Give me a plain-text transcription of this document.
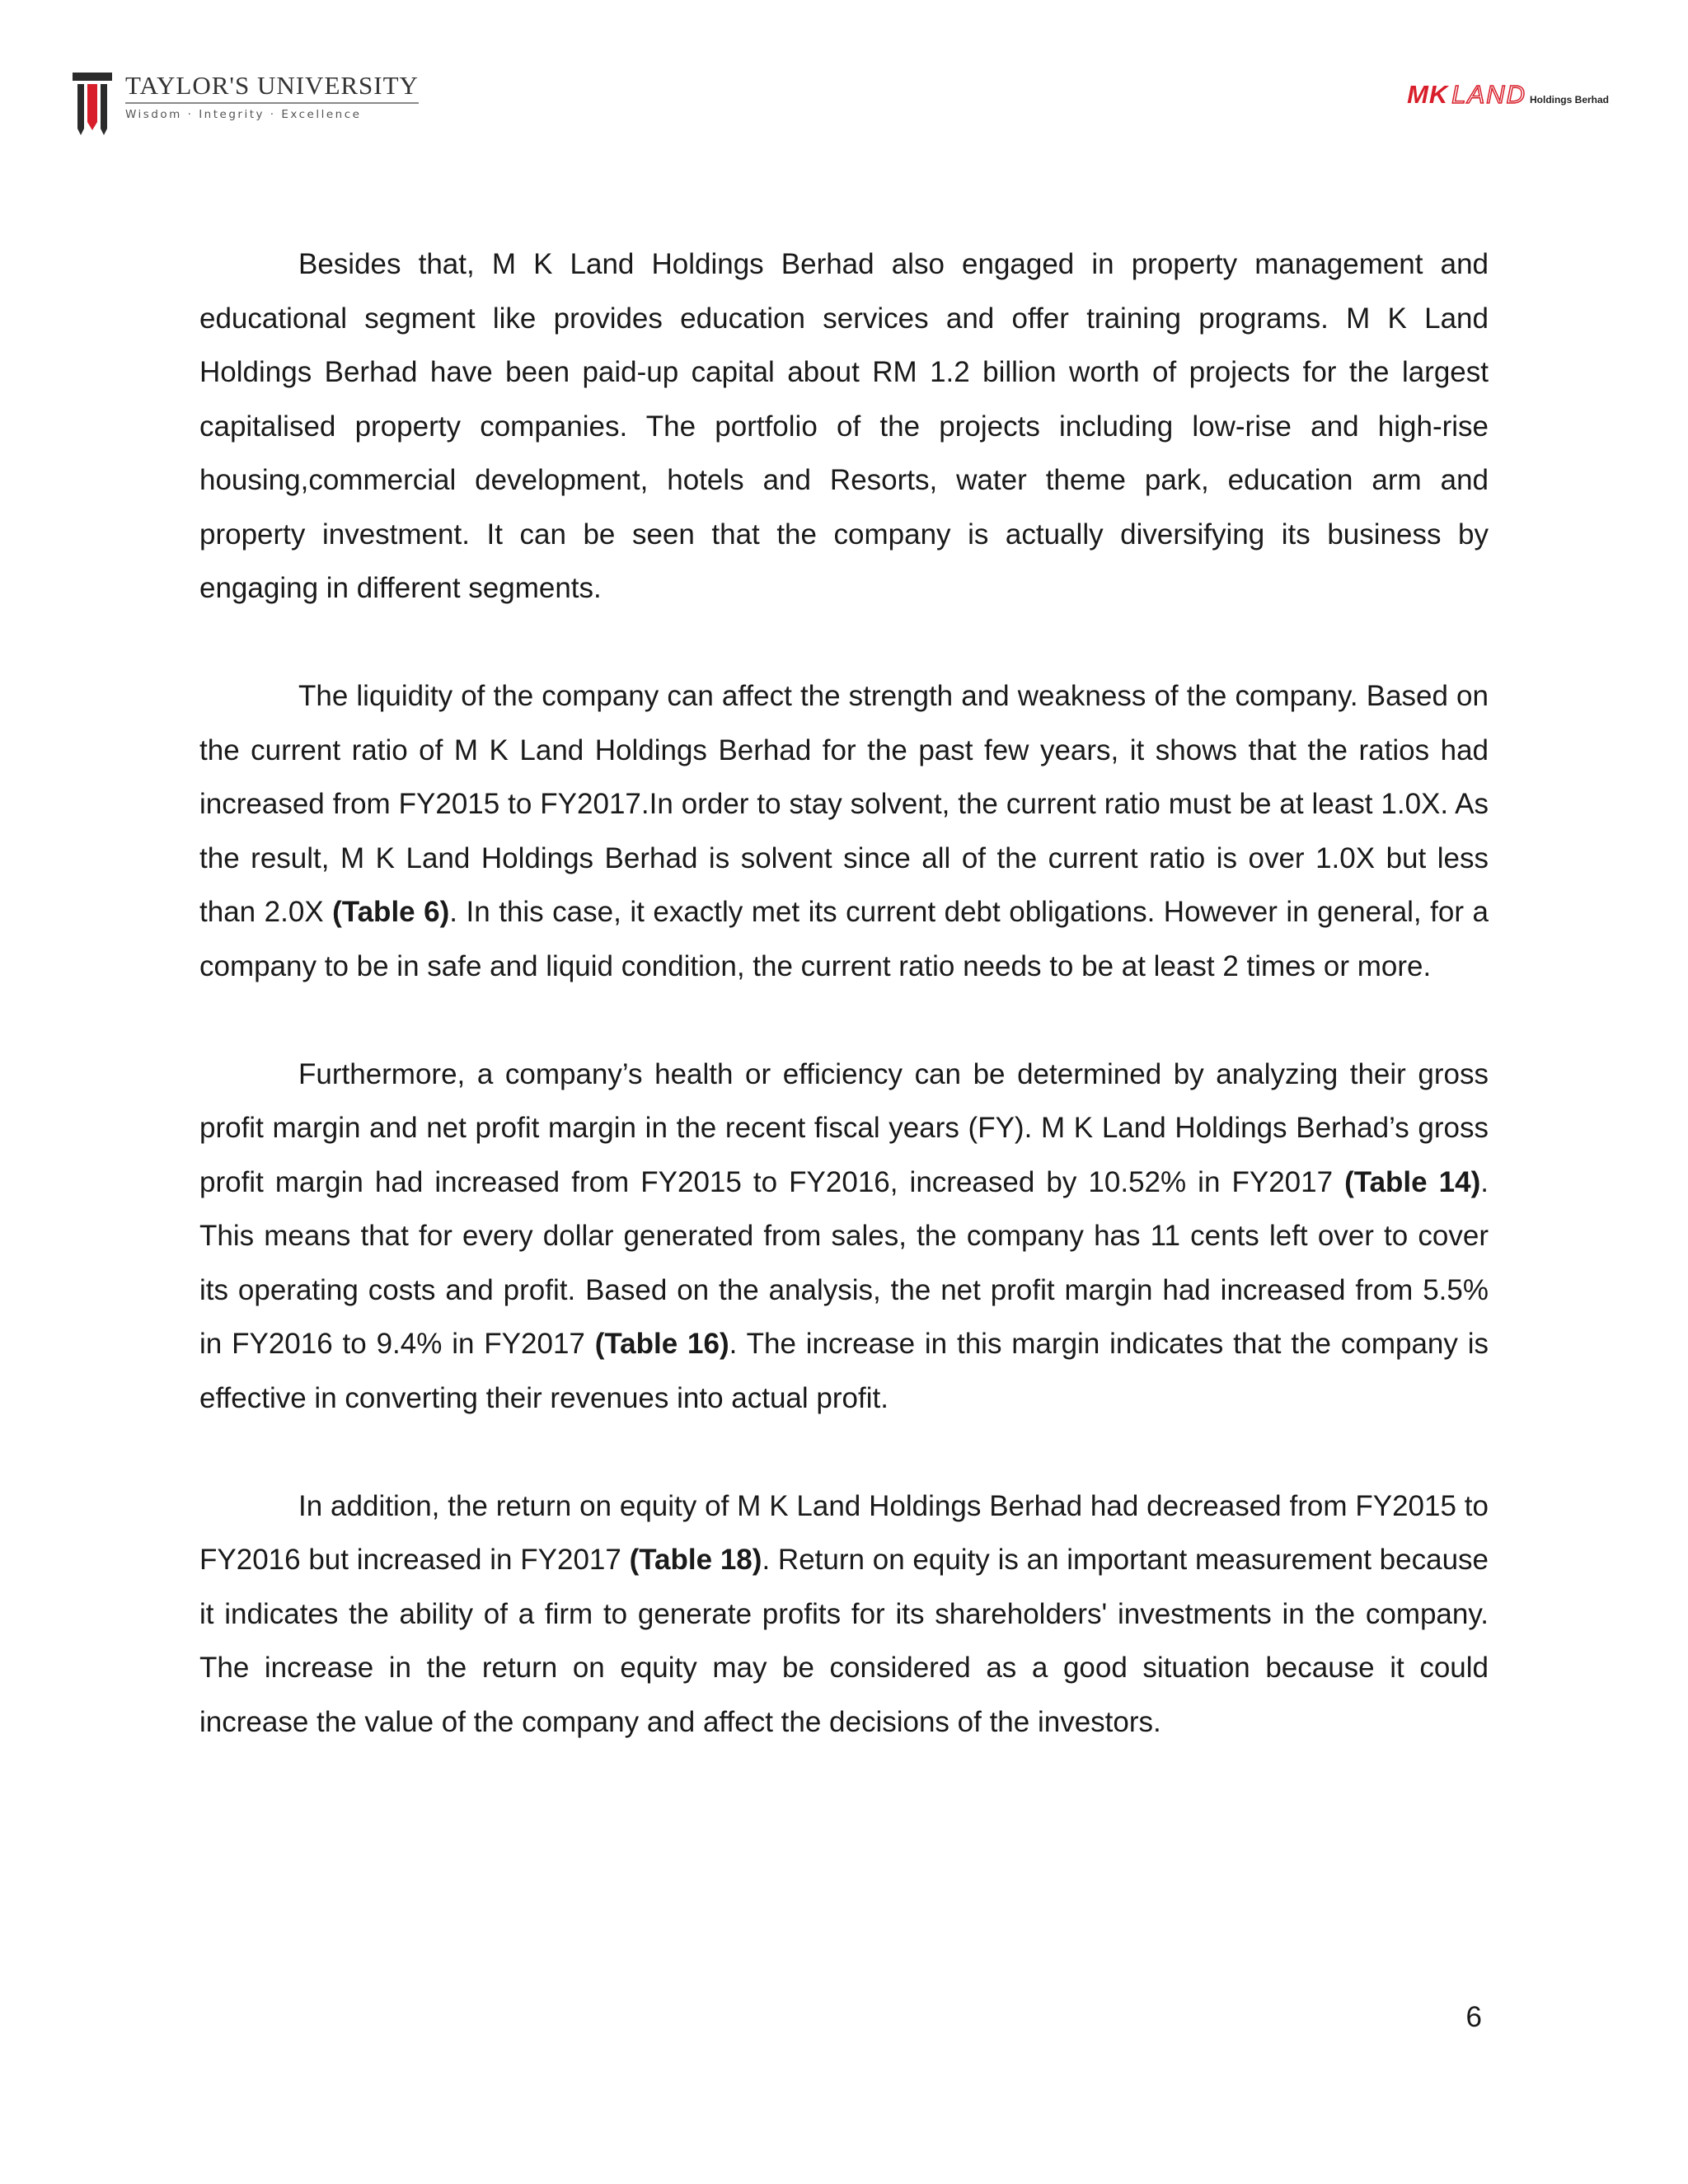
TAYLOR'S UNIVERSITY
Wisdom · Integrity · Excellence
MK LAND Holdings Berhad

Besides that, M K Land Holdings Berhad also engaged in property management and educational segment like provides education services and offer training programs. M K Land Holdings Berhad have been paid-up capital about RM 1.2 billion worth of projects for the largest capitalised property companies. The portfolio of the projects including low-rise and high-rise housing,commercial development, hotels and Resorts, water theme park, education arm and property investment. It can be seen that the company is actually diversifying its business by engaging in different segments.

The liquidity of the company can affect the strength and weakness of the company. Based on the current ratio of M K Land Holdings Berhad for the past few years, it shows that the ratios had increased from FY2015 to FY2017.In order to stay solvent, the current ratio must be at least 1.0X. As the result, M K Land Holdings Berhad is solvent since all of the current ratio is over 1.0X but less than 2.0X (Table 6). In this case, it exactly met its current debt obligations. However in general, for a company to be in safe and liquid condition, the current ratio needs to be at least 2 times or more.

Furthermore, a company’s health or efficiency can be determined by analyzing their gross profit margin and net profit margin in the recent fiscal years (FY). M K Land Holdings Berhad’s gross profit margin had increased from FY2015 to FY2016, increased by 10.52% in FY2017 (Table 14). This means that for every dollar generated from sales, the company has 11 cents left over to cover its operating costs and profit. Based on the analysis, the net profit margin had increased from 5.5% in FY2016 to 9.4% in FY2017 (Table 16). The increase in this margin indicates that the company is effective in converting their revenues into actual profit.

In addition, the return on equity of M K Land Holdings Berhad had decreased from FY2015 to FY2016 but increased in FY2017 (Table 18). Return on equity is an important measurement because it indicates the ability of a firm to generate profits for its shareholders' investments in the company. The increase in the return on equity may be considered as a good situation because it could increase the value of the company and affect the decisions of the investors.

6
